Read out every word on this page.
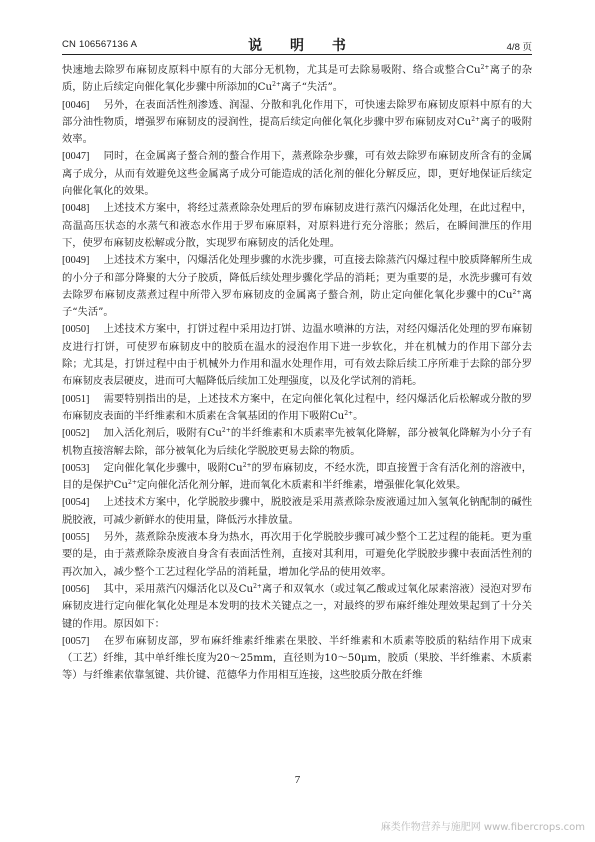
CN 106567136 A	说 明 书	4/8 页

快速地去除罗布麻韧皮原料中原有的大部分无机物，尤其是可去除易吸附、络合或整合$Cu^{2+}$离子的杂质，防止后续定向催化氧化步骤中所添加的$Cu^{2+}$离子“失活”。

[0046] 另外，在表面活性剂渗透、润湿、分散和乳化作用下，可快速去除罗布麻韧皮原料中原有的大部分油性物质，增强罗布麻韧皮的浸润性，提高后续定向催化氧化步骤中罗布麻韧皮对$Cu^{2+}$离子的吸附效率。

[0047] 同时，在金属离子螯合剂的螯合作用下，蒸煮除杂步骤，可有效去除罗布麻韧皮所含有的金属离子成分，从而有效避免这些金属离子成分可能造成的活化剂的催化分解反应，即，更好地保证后续定向催化氧化的效果。

[0048] 上述技术方案中，将经过蒸煮除杂处理后的罗布麻韧皮进行蒸汽闪爆活化处理，在此过程中，高温高压状态的水蒸气和液态水作用于罗布麻原料，对原料进行充分溶胀；然后，在瞬间泄压的作用下，使罗布麻韧皮松解或分散，实现罗布麻韧皮的活化处理。

[0049] 上述技术方案中，闪爆活化处理步骤的水洗步骤，可直接去除蒸汽闪爆过程中胶质降解所生成的小分子和部分降聚的大分子胶质，降低后续处理步骤化学品的消耗；更为重要的是，水洗步骤可有效去除罗布麻韧皮蒸煮过程中所带入罗布麻韧皮的金属离子螯合剂，防止定向催化氧化步骤中的$Cu^{2+}$离子“失活”。

[0050] 上述技术方案中，打饼过程中采用边打饼、边温水喷淋的方法，对经闪爆活化处理的罗布麻韧皮进行打饼，可使罗布麻韧皮中的胶质在温水的浸泡作用下进一步软化，并在机械力的作用下部分去除；尤其是，打饼过程中由于机械外力作用和温水处理作用，可有效去除后续工序所难于去除的部分罗布麻韧皮表层硬皮，进而可大幅降低后续加工处理强度，以及化学试剂的消耗。

[0051] 需要特别指出的是，上述技术方案中，在定向催化氧化过程中，经闪爆活化后松解或分散的罗布麻韧皮表面的半纤维素和木质素在含氧基团的作用下吸附$Cu^{2+}$。

[0052] 加入活化剂后，吸附有$Cu^{2+}$的半纤维素和木质素率先被氧化降解，部分被氧化降解为小分子有机物直接溶解去除，部分被氧化为后续化学脱胶更易去除的物质。

[0053] 定向催化氧化步骤中，吸附$Cu^{2+}$的罗布麻韧皮，不经水洗，即直接置于含有活化剂的溶液中，目的是保护$Cu^{2+}$定向催化活化剂分解，进而氧化木质素和半纤维素，增强催化氧化效果。

[0054] 上述技术方案中，化学脱胶步骤中，脱胶液是采用蒸煮除杂废液通过加入氢氧化钠配制的碱性脱胶液，可减少新鲜水的使用量，降低污水排放量。

[0055] 另外，蒸煮除杂废液本身为热水，再次用于化学脱胶步骤可减少整个工艺过程的能耗。更为重要的是，由于蒸煮除杂废液自身含有表面活性剂，直接对其利用，可避免化学脱胶步骤中表面活性剂的再次加入，减少整个工艺过程化学品的消耗量，增加化学品的使用效率。

[0056] 其中，采用蒸汽闪爆活化以及$Cu^{2+}$离子和双氧水（或过氧乙酸或过氧化尿素溶液）浸泡对罗布麻韧皮进行定向催化氧化处理是本发明的技术关键点之一，对最终的罗布麻纤维处理效果起到了十分关键的作用。原因如下：

[0057] 在罗布麻韧皮部，罗布麻纤维素纤维素在果胶、半纤维素和木质素等胶质的粘结作用下成束（工艺）纤维，其中单纤维长度为20～25mm，直径则为10～50μm，胶质（果胶、半纤维素、木质素等）与纤维素依靠氢键、共价键、范德华力作用相互连接，这些胶质分散在纤维

7
麻类作物营养与施肥网 www.fibercrops.com
